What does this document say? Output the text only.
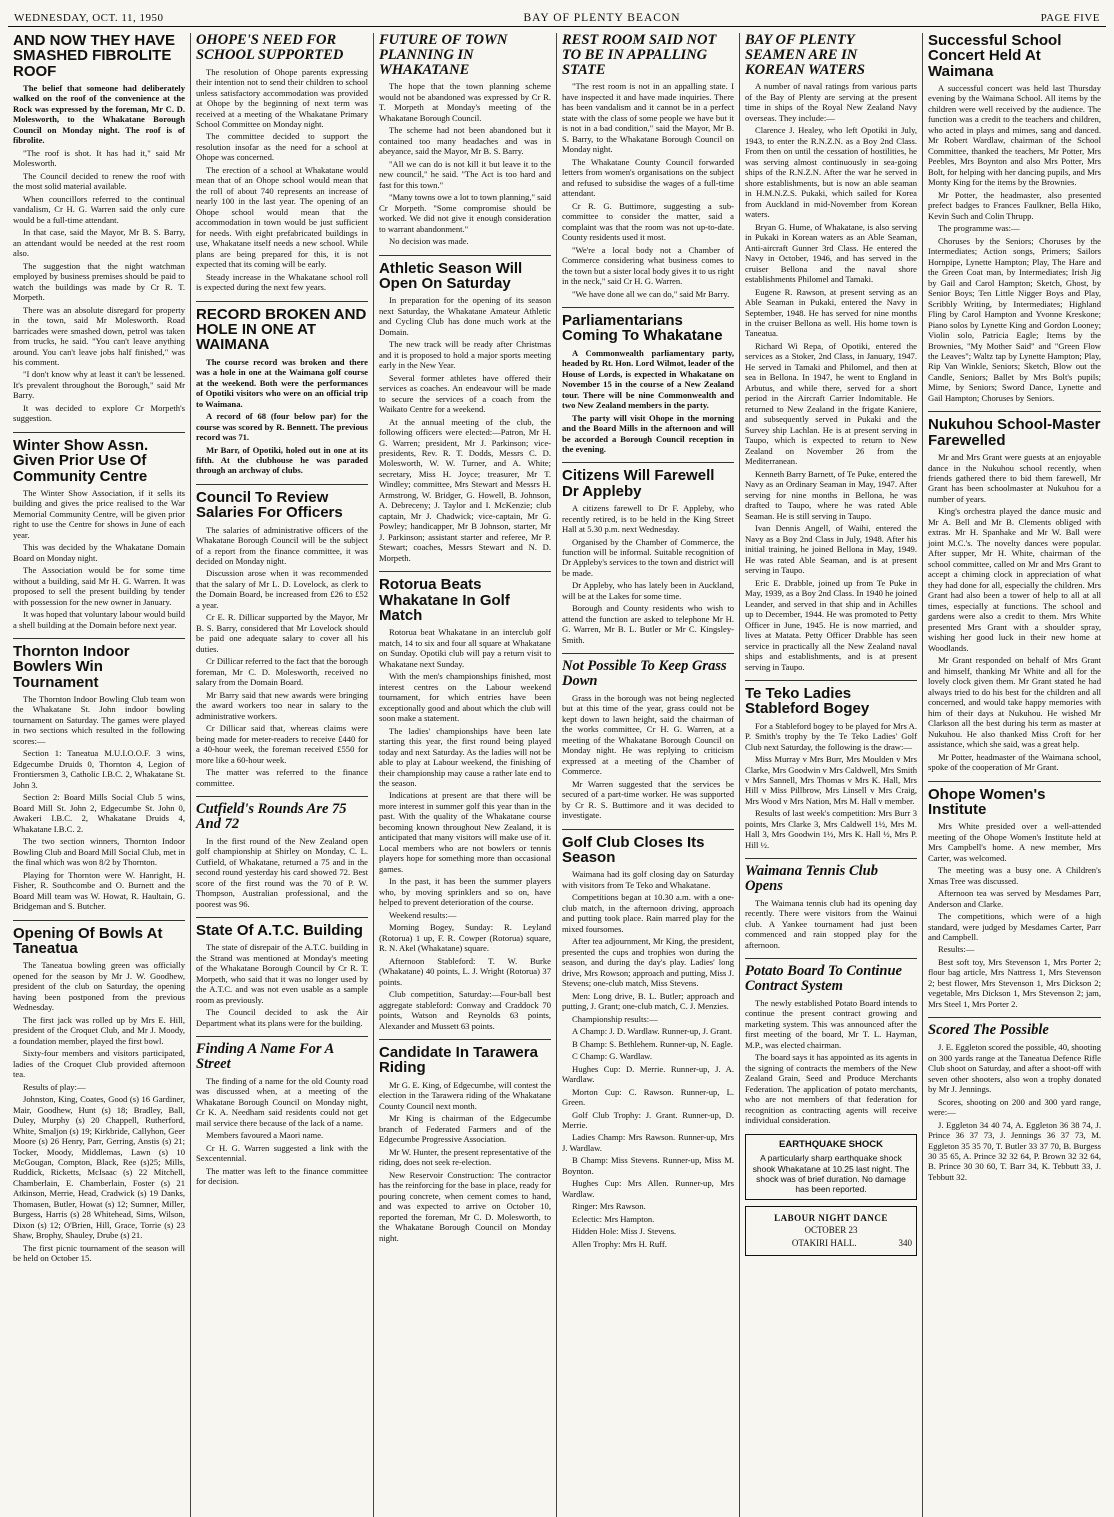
WEDNESDAY, OCT. 11, 1950	BAY OF PLENTY BEACON	PAGE FIVE
AND NOW THEY HAVE SMASHED FIBROLITE ROOF

The belief that someone had deliberately walked on the roof of the convenience at the Rock was expressed by the foreman, Mr C. D. Molesworth, to the Whakatane Borough Council on Monday night. The roof is of fibrolite.

"The roof is shot. It has had it," said Mr Molesworth.

The Council decided to renew the roof with the most solid material available.

When councillors referred to the continual vandalism, Cr H. G. Warren said the only cure would be a full-time attendant.

In that case, said the Mayor, Mr B. S. Barry, an attendant would be needed at the rest room also.

The suggestion that the night watchman employed by business premises should be paid to watch the buildings was made by Cr R. T. Morpeth.

There was an absolute disregard for property in the town, said Mr Molesworth. Road barricades were smashed down, petrol was taken from trucks, he said. "You can't leave anything around. You can't leave jobs half finished," was his comment.

"I don't know why at least it can't be lessened. It's prevalent throughout the Borough," said Mr Barry.

It was decided to explore Cr Morpeth's suggestion.

Winter Show Assn. Given Prior Use Of Community Centre

The Winter Show Association, if it sells its building and gives the price realised to the War Memorial Community Centre, will be given prior right to use the Centre for shows in June of each year.

This was decided by the Whakatane Domain Board on Monday night.

The Association would be for some time without a building, said Mr H. G. Warren. It was proposed to sell the present building by tender with possession for the new owner in January.

It was hoped that voluntary labour would build a shell building at the Domain before next year.

Thornton Indoor Bowlers Win Tournament

The Thornton Indoor Bowling Club team won the Whakatane St. John indoor bowling tournament on Saturday. The games were played in two sections which resulted in the following scores:—

Section 1: Taneatua M.U.I.O.O.F. 3 wins, Edgecumbe Druids 0, Thornton 4, Legion of Frontiersmen 3, Catholic I.B.C. 2, Whakatane St. John 3.

Section 2: Board Mills Social Club 5 wins, Board Mill St. John 2, Edgecumbe St. John 0, Awakeri I.B.C. 2, Whakatane Druids 4, Whakatane I.B.C. 2.

The two section winners, Thornton Indoor Bowling Club and Board Mill Social Club, met in the final which was won 8/2 by Thornton.

Playing for Thornton were W. Hanright, H. Fisher, R. Southcombe and O. Burnett and the Board Mill team was W. Howat, R. Haultain, G. Bridgeman and S. Butcher.

Opening Of Bowls At Taneatua

The Taneatua bowling green was officially opened for the season by Mr J. W. Goodhew, president of the club on Saturday, the opening having been postponed from the previous Wednesday.

The first jack was rolled up by Mrs E. Hill, president of the Croquet Club, and Mr J. Moody, a foundation member, played the first bowl.

Sixty-four members and visitors participated, ladies of the Croquet Club provided afternoon tea.

Results of play:—

Johnston, King, Coates, Good (s) 16 Gardiner, Mair, Goodhew, Hunt (s) 18; Bradley, Ball, Duley, Murphy (s) 20 Chappell, Rutherford, White, Smaljon (s) 19; Kirkbride, Callyhon, Geer Moore (s) 26 Henry, Parr, Gerring, Anstis (s) 21; Tocker, Moody, Middlemas, Lawn (s) 10 McGougan, Compton, Black, Ree (s)25; Mills, Ruddick, Ricketts, McIsaac (s) 22 Mitchell, Chamberlain, E. Chamberlain, Foster (s) 21 Atkinson, Merrie, Head, Cradwick (s) 19 Danks, Thomasen, Butler, Howat (s) 12; Sumner, Miller, Burgess, Harris (s) 28 Whitehead, Sims, Wilson, Dixon (s) 12; O'Brien, Hill, Grace, Torrie (s) 23 Shaw, Brophy, Shauley, Drube (s) 21.

The first picnic tournament of the season will be held on October 15.

OHOPE'S NEED FOR SCHOOL SUPPORTED

The resolution of Ohope parents expressing their intention not to send their children to school unless satisfactory accommodation was provided at Ohope by the beginning of next term was received at a meeting of the Whakatane Primary School Committee on Monday night.

The committee decided to support the resolution insofar as the need for a school at Ohope was concerned.

The erection of a school at Whakatane would mean that of an Ohope school would mean that the roll of about 740 represents an increase of nearly 100 in the last year. The opening of an Ohope school would mean that the accommodation in town would be just sufficient for needs. With eight prefabricated buildings in use, Whakatane itself needs a new school. While plans are being prepared for this, it is not expected that its coming will be early.

Steady increase in the Whakatane school roll is expected during the next few years.

RECORD BROKEN AND HOLE IN ONE AT WAIMANA

The course record was broken and there was a hole in one at the Waimana golf course at the weekend. Both were the performances of Opotiki visitors who were on an official trip to Waimana.

A record of 68 (four below par) for the course was scored by R. Bennett. The previous record was 71.

Mr Barr, of Opotiki, holed out in one at its fifth. At the clubhouse he was paraded through an archway of clubs.

Council To Review Salaries For Officers

The salaries of administrative officers of the Whakatane Borough Council will be the subject of a report from the finance committee, it was decided on Monday night.

Discussion arose when it was recommended that the salary of Mr L. D. Lovelock, as clerk to the Domain Board, be increased from £26 to £52 a year.

Cr E. R. Dillicar supported by the Mayor, Mr B. S. Barry, considered that Mr Lovelock should be paid one adequate salary to cover all his duties.

Cr Dillicar referred to the fact that the borough foreman, Mr C. D. Molesworth, received no salary from the Domain Board.

Mr Barry said that new awards were bringing the award workers too near in salary to the administrative workers.

Cr Dillicar said that, whereas claims were being made for meter-readers to receive £440 for a 40-hour week, the foreman received £550 for more like a 60-hour week.

The matter was referred to the finance committee.

Cutfield's Rounds Are 75 And 72

In the first round of the New Zealand open golf championship at Shirley on Monday, C. L. Cutfield, of Whakatane, returned a 75 and in the second round yesterday his card showed 72. Best score of the first round was the 70 of P. W. Thompson, Australian professional, and the poorest was 96.

State Of A.T.C. Building

The state of disrepair of the A.T.C. building in the Strand was mentioned at Monday's meeting of the Whakatane Borough Council by Cr R. T. Morpeth, who said that it was no longer used by the A.T.C. and was not even usable as a sample room as previously.

The Council decided to ask the Air Department what its plans were for the building.

Finding A Name For A Street

The finding of a name for the old County road was discussed when, at a meeting of the Whakatane Borough Council on Monday night, Cr K. A. Needham said residents could not get mail service there because of the lack of a name.

Members favoured a Maori name.

Cr H. G. Warren suggested a link with the Sexcentennial.

The matter was left to the finance committee for decision.

FUTURE OF TOWN PLANNING IN WHAKATANE

The hope that the town planning scheme would not be abandoned was expressed by Cr R. T. Morpeth at Monday's meeting of the Whakatane Borough Council.

The scheme had not been abandoned but it contained too many headaches and was in abeyance, said the Mayor, Mr B. S. Barry.

"All we can do is not kill it but leave it to the new council," he said. "The Act is too hard and fast for this town."

"Many towns owe a lot to town planning," said Cr Morpeth. "Some compromise should be worked. We did not give it enough consideration to warrant abandonment."

No decision was made.

Athletic Season Will Open On Saturday

In preparation for the opening of its season next Saturday, the Whakatane Amateur Athletic and Cycling Club has done much work at the Domain.

The new track will be ready after Christmas and it is proposed to hold a major sports meeting early in the New Year.

Several former athletes have offered their services as coaches. An endeavour will be made to secure the services of a coach from the Waikato Centre for a weekend.

At the annual meeting of the club, the following officers were elected:—Patron, Mr H. G. Warren; president, Mr J. Parkinson; vice-presidents, Rev. R. T. Dodds, Messrs C. D. Molesworth, W. W. Turner, and A. White; secretary, Miss H. Joyce; treasurer, Mr T. Windley; committee, Mrs Stewart and Messrs H. Armstrong, W. Bridger, G. Howell, B. Johnson, A. Debreceny; J. Taylor and I. McKenzie; club captain, Mr J. Chadwick; vice-captain, Mr G. Powley; handicapper, Mr B Johnson, starter, Mr J. Parkinson; assistant starter and referee, Mr P. Stewart; coaches, Messrs Stewart and N. D. Morpeth.

Rotorua Beats Whakatane In Golf Match

Rotorua beat Whakatane in an interclub golf match, 14 to six and four all square at Whakatane on Sunday. Opotiki club will pay a return visit to Whakatane next Sunday.

With the men's championships finished, most interest centres on the Labour weekend tournament, for which entries have been exceptionally good and about which the club will soon make a statement.

The ladies' championships have been late starting this year, the first round being played today and next Saturday. As the ladies will not be able to play at Labour weekend, the finishing of their championship may cause a rather late end to the season.

Indications at present are that there will be more interest in summer golf this year than in the past. With the quality of the Whakatane course becoming known throughout New Zealand, it is anticipated that many visitors will make use of it. Local members who are not bowlers or tennis players hope for something more than occasional games.

In the past, it has been the summer players who, by moving sprinklers and so on, have helped to prevent deterioration of the course.

Weekend results:—

Morning Bogey, Sunday: R. Leyland (Rotorua) 1 up, F. R. Cowper (Rotorua) square, R. N. Akel (Whakatane) square.

Afternoon Stableford: T. W. Burke (Whakatane) 40 points, L. J. Wright (Rotorua) 37 points.

Club competition, Saturday:—Four-ball best aggregate stableford: Conway and Craddock 70 points, Watson and Reynolds 63 points, Alexander and Mussett 63 points.

Candidate In Tarawera Riding

Mr G. E. King, of Edgecumbe, will contest the election in the Tarawera riding of the Whakatane County Council next month.

Mr King is chairman of the Edgecumbe branch of Federated Farmers and of the Edgecumbe Progressive Association.

Mr W. Hunter, the present representative of the riding, does not seek re-election.

New Reservoir Construction: The contractor has the reinforcing for the base in place, ready for pouring concrete, when cement comes to hand, and was expected to arrive on October 10, reported the foreman, Mr C. D. Molesworth, to the Whakatane Borough Council on Monday night.

REST ROOM SAID NOT TO BE IN APPALLING STATE

"The rest room is not in an appalling state. I have inspected it and have made inquiries. There has been vandalism and it cannot be in a perfect state with the class of some people we have but it is not in a bad condition," said the Mayor, Mr B. S. Barry, to the Whakatane Borough Council on Monday night.

The Whakatane County Council forwarded letters from women's organisations on the subject and refused to subsidise the wages of a full-time attendant.

Cr R. G. Buttimore, suggesting a sub-committee to consider the matter, said a complaint was that the room was not up-to-date. County residents used it most.

"We're a local body not a Chamber of Commerce considering what business comes to the town but a sister local body gives it to us right in the neck," said Cr H. G. Warren.

"We have done all we can do," said Mr Barry.

Parliamentarians Coming To Whakatane

A Commonwealth parliamentary party, headed by Rt. Hon. Lord Wilmot, leader of the House of Lords, is expected in Whakatane on November 15 in the course of a New Zealand tour. There will be nine Commonwealth and two New Zealand members in the party.

The party will visit Ohope in the morning and the Board Mills in the afternoon and will be accorded a Borough Council reception in the evening.

Citizens Will Farewell Dr Appleby

A citizens farewell to Dr F. Appleby, who recently retired, is to be held in the King Street Hall at 5.30 p.m. next Wednesday.

Organised by the Chamber of Commerce, the function will be informal. Suitable recognition of Dr Appleby's services to the town and district will be made.

Dr Appleby, who has lately been in Auckland, will be at the Lakes for some time.

Borough and County residents who wish to attend the function are asked to telephone Mr H. G. Warren, Mr B. L. Butler or Mr C. Kingsley-Smith.

Not Possible To Keep Grass Down

Grass in the borough was not being neglected but at this time of the year, grass could not be kept down to lawn height, said the chairman of the works committee, Cr H. G. Warren, at a meeting of the Whakatane Borough Council on Monday night. He was replying to criticism expressed at a meeting of the Chamber of Commerce.

Mr Warren suggested that the services be secured of a part-time worker. He was supported by Cr R. S. Buttimore and it was decided to investigate.

Golf Club Closes Its Season

Waimana had its golf closing day on Saturday with visitors from Te Teko and Whakatane.

Competitions began at 10.30 a.m. with a one-club match, in the afternoon driving, approach and putting took place. Rain marred play for the mixed foursomes.

After tea adjournment, Mr King, the president, presented the cups and trophies won during the season, and during the day's play. Ladies' long drive, Mrs Rowson; approach and putting, Miss J. Stevens; one-club match, Miss Stevens.

Men: Long drive, B. L. Butler; approach and putting, J. Grant; one-club match, C. J. Menzies.

Championship results:—

A Champ: J. D. Wardlaw. Runner-up, J. Grant.

B Champ: S. Bethlehem. Runner-up, N. Eagle.

C Champ: G. Wardlaw.

Hughes Cup: D. Merrie. Runner-up, J. A. Wardlaw.

Morton Cup: C. Rawson. Runner-up, L. Green.

Golf Club Trophy: J. Grant. Runner-up, D. Merrie.

Ladies Champ: Mrs Rawson. Runner-up, Mrs J. Wardlaw.

B Champ: Miss Stevens. Runner-up, Miss M. Boynton.

Hughes Cup: Mrs Allen. Runner-up, Mrs Wardlaw.

Ringer: Mrs Rawson.

Eclectic: Mrs Hampton.

Hidden Hole: Miss J. Stevens.

Allen Trophy: Mrs H. Ruff.

BAY OF PLENTY SEAMEN ARE IN KOREAN WATERS

A number of naval ratings from various parts of the Bay of Plenty are serving at the present time in ships of the Royal New Zealand Navy overseas. They include:—

Clarence J. Healey, who left Opotiki in July, 1943, to enter the R.N.Z.N. as a Boy 2nd Class. From then on until the cessation of hostilities, he was serving almost continuously in sea-going ships of the R.N.Z.N. After the war he served in shore establishments, but is now an able seaman in H.M.N.Z.S. Pukaki, which sailed for Korea from Auckland in mid-November from Korean waters.

Bryan G. Hume, of Whakatane, is also serving in Pukaki in Korean waters as an Able Seaman, Anti-aircraft Gunner 3rd Class. He entered the Navy in October, 1946, and has served in the cruiser Bellona and the naval shore establishments Philomel and Tamaki.

Eugene R. Rawson, at present serving as an Able Seaman in Pukaki, entered the Navy in September, 1948. He has served for nine months in the cruiser Bellona as well. His home town is Taneatua.

Richard Wi Repa, of Opotiki, entered the services as a Stoker, 2nd Class, in January, 1947. He served in Tamaki and Philomel, and then at sea in Bellona. In 1947, he went to England in Arbutus, and while there, served for a short period in the Aircraft Carrier Indomitable. He returned to New Zealand in the frigate Kaniere, and subsequently served in Pukaki and the Survey ship Lachlan. He is at present serving in Taupo, which is expected to return to New Zealand on November 26 from the Mediterranean.

Kenneth Barry Barnett, of Te Puke, entered the Navy as an Ordinary Seaman in May, 1947. After serving for nine months in Bellona, he was drafted to Taupo, where he was rated Able Seaman. He is still serving in Taupo.

Ivan Dennis Angell, of Waihi, entered the Navy as a Boy 2nd Class in July, 1948. After his initial training, he joined Bellona in May, 1949. He was rated Able Seaman, and is at present serving in Taupo.

Eric E. Drabble, joined up from Te Puke in May, 1939, as a Boy 2nd Class. In 1940 he joined Leander, and served in that ship and in Achilles up to December, 1944. He was promoted to Petty Officer in June, 1945. He is now married, and lives at Matata. Petty Officer Drabble has seen service in practically all the New Zealand naval ships and establishments, and is at present serving in Taupo.

Te Teko Ladies Stableford Bogey

For a Stableford bogey to be played for Mrs A. P. Smith's trophy by the Te Teko Ladies' Golf Club next Saturday, the following is the draw:—

Miss Murray v Mrs Burr, Mrs Moulden v Mrs Clarke, Mrs Goodwin v Mrs Caldwell, Mrs Smith v Mrs Sannell, Mrs Thomas v Mrs K. Hall, Mrs Hill v Miss Pillbrow, Mrs Linsell v Mrs Craig, Mrs Wood v Mrs Nation, Mrs M. Hall v member.

Results of last week's competition: Mrs Burr 3 points, Mrs Clarke 3, Mrs Caldwell 1½, Mrs M. Hall 3, Mrs Goodwin 1½, Mrs K. Hall ½, Mrs P. Hill ½.

Waimana Tennis Club Opens

The Waimana tennis club had its opening day recently. There were visitors from the Wainui club. A Yankee tournament had just been commenced and rain stopped play for the afternoon.

Potato Board To Continue Contract System

The newly established Potato Board intends to continue the present contract growing and marketing system. This was announced after the first meeting of the board, Mr T. L. Hayman, M.P., was elected chairman.

The board says it has appointed as its agents in the signing of contracts the members of the New Zealand Grain, Seed and Produce Merchants Federation. The application of potato merchants, who are not members of that federation for recognition as contracting agents will receive individual consideration.

EARTHQUAKE SHOCK
A particularly sharp earthquake shock shook Whakatane at 10.25 last night. The shock was of brief duration. No damage has been reported.
LABOUR NIGHT DANCE
OCTOBER 23
OTAKIRI HALL.	340
Successful School Concert Held At Waimana

A successful concert was held last Thursday evening by the Waimana School. All items by the children were well received by the audience. The function was a credit to the teachers and children, who acted in plays and mimes, sang and danced. Mr Robert Wardlaw, chairman of the School Committee, thanked the teachers, Mr Potter, Mrs Peebles, Mrs Boynton and also Mrs Potter, Mrs Bolt, for helping with her dancing pupils, and Mrs Monty King for the items by the Brownies.

Mr Potter, the headmaster, also presented prefect badges to Frances Faulkner, Bella Hiko, Kevin Such and Colin Thrupp.

The programme was:—

Choruses by the Seniors; Choruses by the Intermediates; Action songs, Primers; Sailors Hornpipe, Lynette Hampton; Play, The Hare and the Green Coat man, by Intermediates; Irish Jig by Gail and Carol Hampton; Sketch, Ghost, by Senior Boys; Ten Little Nigger Boys and Play, Scribbly Writing, by Intermediates; Highland Fling by Carol Hampton and Yvonne Kreskone; Piano solos by Lynette King and Gordon Looney; Violin solo, Patricia Eagle; Items by the Brownies, "My Mother Said" and "Green Flow the Leaves"; Waltz tap by Lynette Hampton; Play, Rip Van Winkle, Seniors; Sketch, Blow out the Candle, Seniors; Ballet by Mrs Bolt's pupils; Mime, by Seniors; Sword Dance, Lynette and Gail Hampton; Choruses by Seniors.

Nukuhou School-Master Farewelled

Mr and Mrs Grant were guests at an enjoyable dance in the Nukuhou school recently, when friends gathered there to bid them farewell, Mr Grant has been schoolmaster at Nukuhou for a number of years.

King's orchestra played the dance music and Mr A. Bell and Mr B. Clements obliged with extras. Mr H. Spanhake and Mr W. Ball were joint M.C.'s. The novelty dances were popular. After supper, Mr H. White, chairman of the school committee, called on Mr and Mrs Grant to accept a chiming clock in appreciation of what they had done for all, especially the children. Mrs Grant had also been a tower of help to all at all times, especially at functions. The school and gardens were also a credit to them. Mrs White presented Mrs Grant with a shoulder spray, wishing her good luck in their new home at Woodlands.

Mr Grant responded on behalf of Mrs Grant and himself, thanking Mr White and all for the lovely clock given them. Mr Grant stated he had always tried to do his best for the children and all concerned, and would take happy memories with him of their days at Nukuhou. He wished Mr Clarkson all the best during his term as master at Nukuhou. He also thanked Miss Croft for her assistance, which she said, was a great help.

Mr Potter, headmaster of the Waimana school, spoke of the cooperation of Mr Grant.

Ohope Women's Institute

Mrs White presided over a well-attended meeting of the Ohope Women's Institute held at Mrs Campbell's home. A new member, Mrs Carter, was welcomed.

The meeting was a busy one. A Children's Xmas Tree was discussed.

Afternoon tea was served by Mesdames Parr, Anderson and Clarke.

The competitions, which were of a high standard, were judged by Mesdames Carter, Parr and Campbell.

Results:—

Best soft toy, Mrs Stevenson 1, Mrs Porter 2; flour bag article, Mrs Nattress 1, Mrs Stevenson 2; best flower, Mrs Stevenson 1, Mrs Dickson 2; vegetable, Mrs Dickson 1, Mrs Stevenson 2; jam, Mrs Steel 1, Mrs Porter 2.

Scored The Possible

J. E. Eggleton scored the possible, 40, shooting on 300 yards range at the Taneatua Defence Rifle Club shoot on Saturday, and after a shoot-off with seven other shooters, also won a trophy donated by Mr J. Jennings.

Scores, shooting on 200 and 300 yard range, were:—

J. Eggleton 34 40 74, A. Eggleton 36 38 74, J. Prince 36 37 73, J. Jennings 36 37 73, M. Eggleton 35 35 70, T. Butler 33 37 70, B. Burgess 30 35 65, A. Prince 32 32 64, P. Brown 32 32 64, B. Prince 30 30 60, T. Barr 34, K. Tebbutt 33, J. Tebbutt 32.
